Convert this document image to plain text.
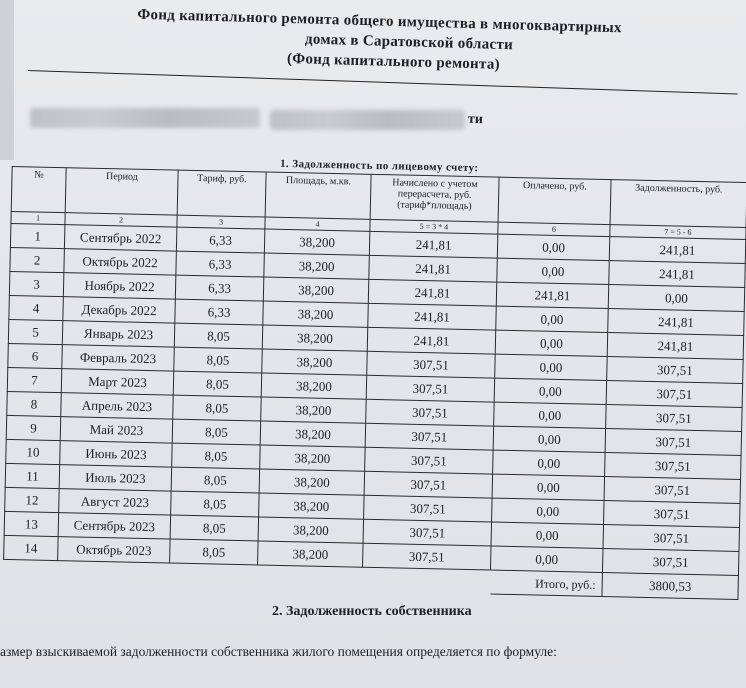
Фонд капитального ремонта общего имущества в многоквартирных
домах в Саратовской области
(Фонд капитального ремонта)
ти
1. Задолженность по лицевому счету:
№	Период	Тариф, руб.	Площадь, м.кв.	Начислено с учетом перерасчета, руб. (тариф*площадь)	Оплачено, руб.	Задолженность, руб.
1	2	3	4	5 = 3 * 4	6	7 = 5 - 6
1	Сентябрь 2022	6,33	38,200	241,81	0,00	241,81
2	Октябрь 2022	6,33	38,200	241,81	0,00	241,81
3	Ноябрь 2022	6,33	38,200	241,81	241,81	0,00
4	Декабрь 2022	6,33	38,200	241,81	0,00	241,81
5	Январь 2023	8,05	38,200	241,81	0,00	241,81
6	Февраль 2023	8,05	38,200	307,51	0,00	307,51
7	Март 2023	8,05	38,200	307,51	0,00	307,51
8	Апрель 2023	8,05	38,200	307,51	0,00	307,51
9	Май 2023	8,05	38,200	307,51	0,00	307,51
10	Июнь 2023	8,05	38,200	307,51	0,00	307,51
11	Июль 2023	8,05	38,200	307,51	0,00	307,51
12	Август 2023	8,05	38,200	307,51	0,00	307,51
13	Сентябрь 2023	8,05	38,200	307,51	0,00	307,51
14	Октябрь 2023	8,05	38,200	307,51	0,00	307,51
					Итого, руб.:	3800,53
2. Задолженность собственника
азмер взыскиваемой задолженности собственника жилого помещения определяется по формуле:
